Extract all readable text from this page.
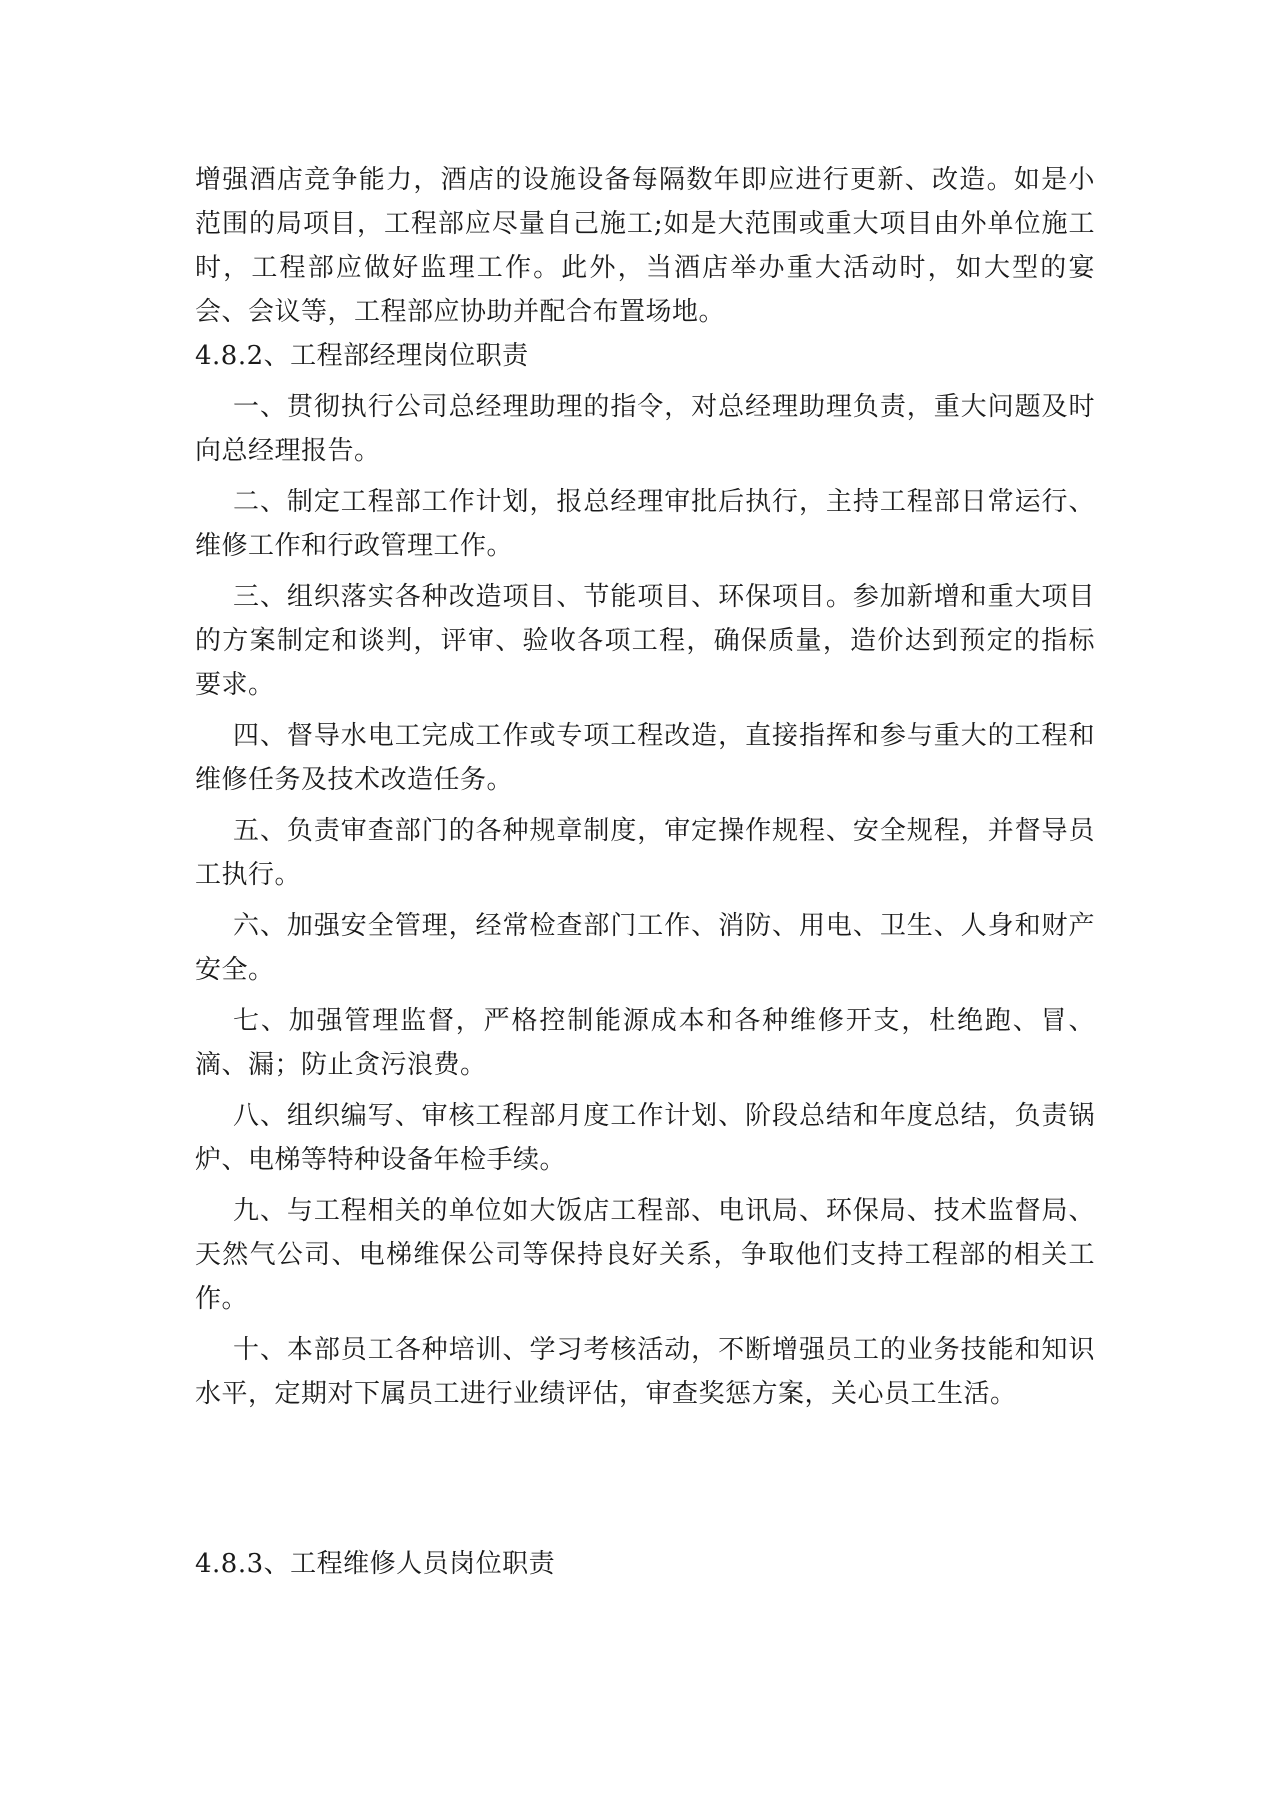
增强酒店竞争能力，酒店的设施设备每隔数年即应进行更新、改造。如是小范围的局项目，工程部应尽量自己施工;如是大范围或重大项目由外单位施工时，工程部应做好监理工作。此外，当酒店举办重大活动时，如大型的宴会、会议等，工程部应协助并配合布置场地。

4.8.2、工程部经理岗位职责

一、贯彻执行公司总经理助理的指令，对总经理助理负责，重大问题及时向总经理报告。

二、制定工程部工作计划，报总经理审批后执行，主持工程部日常运行、维修工作和行政管理工作。

三、组织落实各种改造项目、节能项目、环保项目。参加新增和重大项目的方案制定和谈判，评审、验收各项工程，确保质量，造价达到预定的指标要求。

四、督导水电工完成工作或专项工程改造，直接指挥和参与重大的工程和维修任务及技术改造任务。

五、负责审查部门的各种规章制度，审定操作规程、安全规程，并督导员工执行。

六、加强安全管理，经常检查部门工作、消防、用电、卫生、人身和财产安全。

七、加强管理监督，严格控制能源成本和各种维修开支，杜绝跑、冒、滴、漏；防止贪污浪费。

八、组织编写、审核工程部月度工作计划、阶段总结和年度总结，负责锅炉、电梯等特种设备年检手续。

九、与工程相关的单位如大饭店工程部、电讯局、环保局、技术监督局、天然气公司、电梯维保公司等保持良好关系，争取他们支持工程部的相关工作。

十、本部员工各种培训、学习考核活动，不断增强员工的业务技能和知识水平，定期对下属员工进行业绩评估，审查奖惩方案，关心员工生活。

4.8.3、工程维修人员岗位职责
